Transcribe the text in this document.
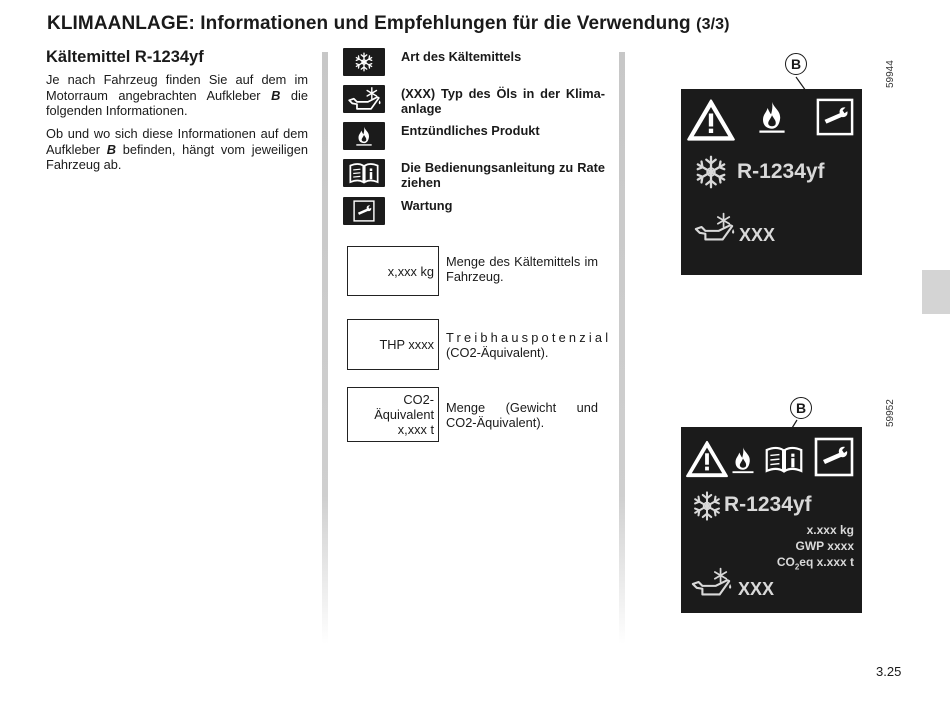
KLIMAANLAGE: Informationen und Empfehlungen für die Verwendung (3/3)
Kältemittel R-1234yf
Je nach Fahrzeug finden Sie auf dem im Motorraum angebrachten Aufkleber B die folgenden Informationen.
Ob und wo sich diese Informationen auf dem Aufkleber B befinden, hängt vom jeweiligen Fahrzeug ab.
Art des Kältemittels
(XXX) Typ des Öls in der Klima-anlage
Entzündliches Produkt
Die Bedienungsanleitung zu Rate ziehen
Wartung
x,xxx kg
Menge des Kältemittels im Fahrzeug.
THP xxxx Treibhauspotenzial
(CO2-Äquivalent).
CO2-
Äquivalent
x,xxx t
Menge (Gewicht und CO2-Äquivalent).
59944
B
R-1234yf
XXX
59952
B
R-1234yf
x.xxx kg
GWP xxxx
$CO_2eq$ x.xxx t
XXX
3.25
